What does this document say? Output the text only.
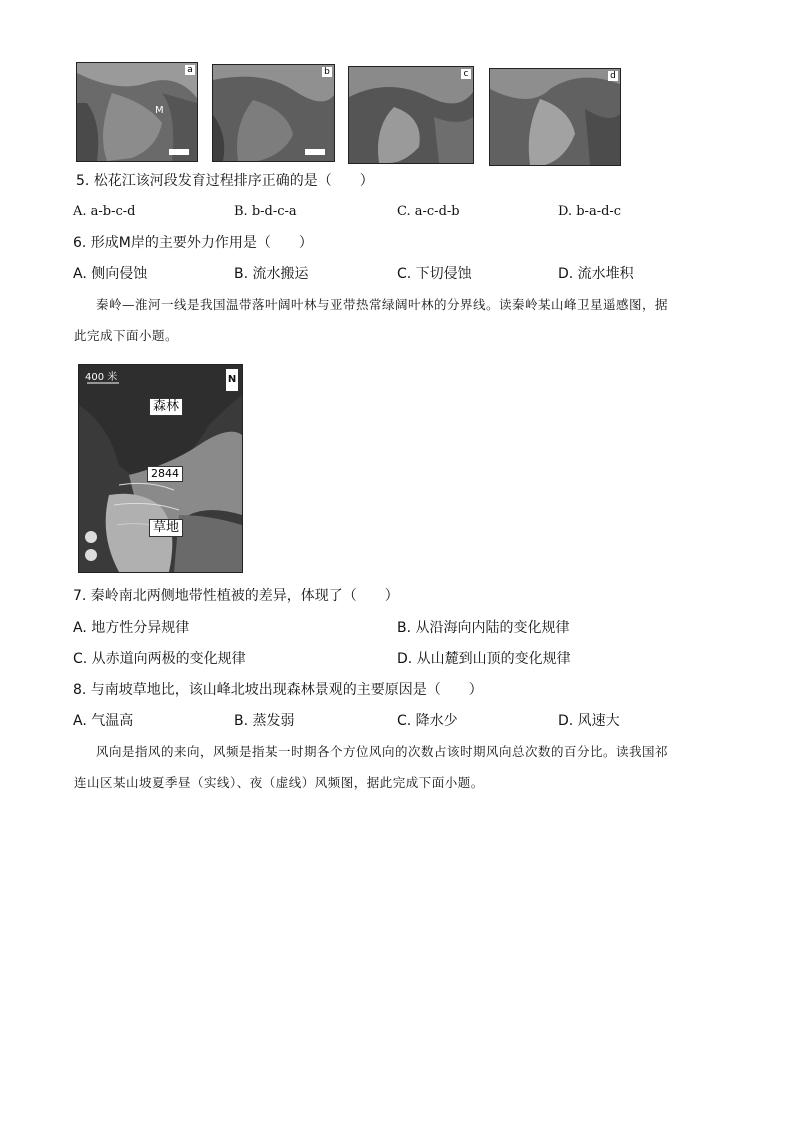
a
M
b	c	d
5. 松花江该河段发育过程排序正确的是（　　）
A. a-b-c-d	B. b-d-c-a	C. a-c-d-b	D. b-a-d-c
6. 形成M岸的主要外力作用是（　　）
A. 侧向侵蚀	B. 流水搬运	C. 下切侵蚀	D. 流水堆积
秦岭—淮河一线是我国温带落叶阔叶林与亚带热常绿阔叶林的分界线。读秦岭某山峰卫星遥感图，据
此完成下面小题。
400 米	N
森林
2844
草地
7. 秦岭南北两侧地带性植被的差异，体现了（　　）
A. 地方性分异规律	B. 从沿海向内陆的变化规律
C. 从赤道向两极的变化规律	D. 从山麓到山顶的变化规律
8. 与南坡草地比，该山峰北坡出现森林景观的主要原因是（　　）
A. 气温高	B. 蒸发弱	C. 降水少	D. 风速大
风向是指风的来向，风频是指某一时期各个方位风向的次数占该时期风向总次数的百分比。读我国祁
连山区某山坡夏季昼（实线）、夜（虚线）风频图，据此完成下面小题。
